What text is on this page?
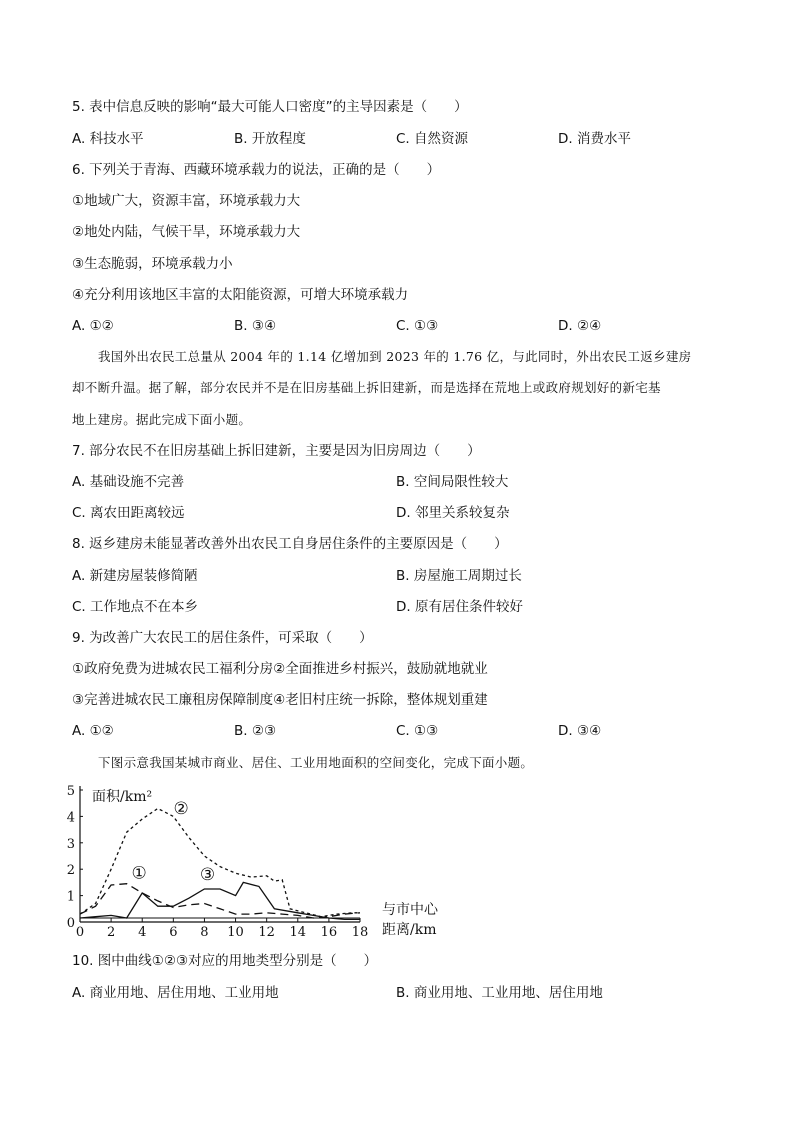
5. 表中信息反映的影响“最大可能人口密度”的主导因素是（　　）
A. 科技水平	B. 开放程度	C. 自然资源	D. 消费水平
6. 下列关于青海、西藏环境承载力的说法，正确的是（　　）
①地域广大，资源丰富，环境承载力大
②地处内陆，气候干旱，环境承载力大
③生态脆弱，环境承载力小
④充分利用该地区丰富的太阳能资源，可增大环境承载力
A. ①②	B. ③④	C. ①③	D. ②④
我国外出农民工总量从 2004 年的 1.14 亿增加到 2023 年的 1.76 亿，与此同时，外出农民工返乡建房
却不断升温。据了解，部分农民并不是在旧房基础上拆旧建新，而是选择在荒地上或政府规划好的新宅基
地上建房。据此完成下面小题。
7. 部分农民不在旧房基础上拆旧建新，主要是因为旧房周边（　　）
A. 基础设施不完善	B. 空间局限性较大
C. 离农田距离较远	D. 邻里关系较复杂
8. 返乡建房未能显著改善外出农民工自身居住条件的主要原因是（　　）
A. 新建房屋装修简陋	B. 房屋施工周期过长
C. 工作地点不在本乡	D. 原有居住条件较好
9. 为改善广大农民工的居住条件，可采取（　　）
①政府免费为进城农民工福利分房②全面推进乡村振兴，鼓励就地就业
③完善进城农民工廉租房保障制度④老旧村庄统一拆除，整体规划重建
A. ①②	B. ②③	C. ①③	D. ③④
下图示意我国某城市商业、居住、工业用地面积的空间变化，完成下面小题。
0
1
2
3
4
5
0 2 4 6 8 10 12 14 16 18
面积/km²
与市中心
距离/km
①
②
③
10. 图中曲线①②③对应的用地类型分别是（　　）
A. 商业用地、居住用地、工业用地	B. 商业用地、工业用地、居住用地
